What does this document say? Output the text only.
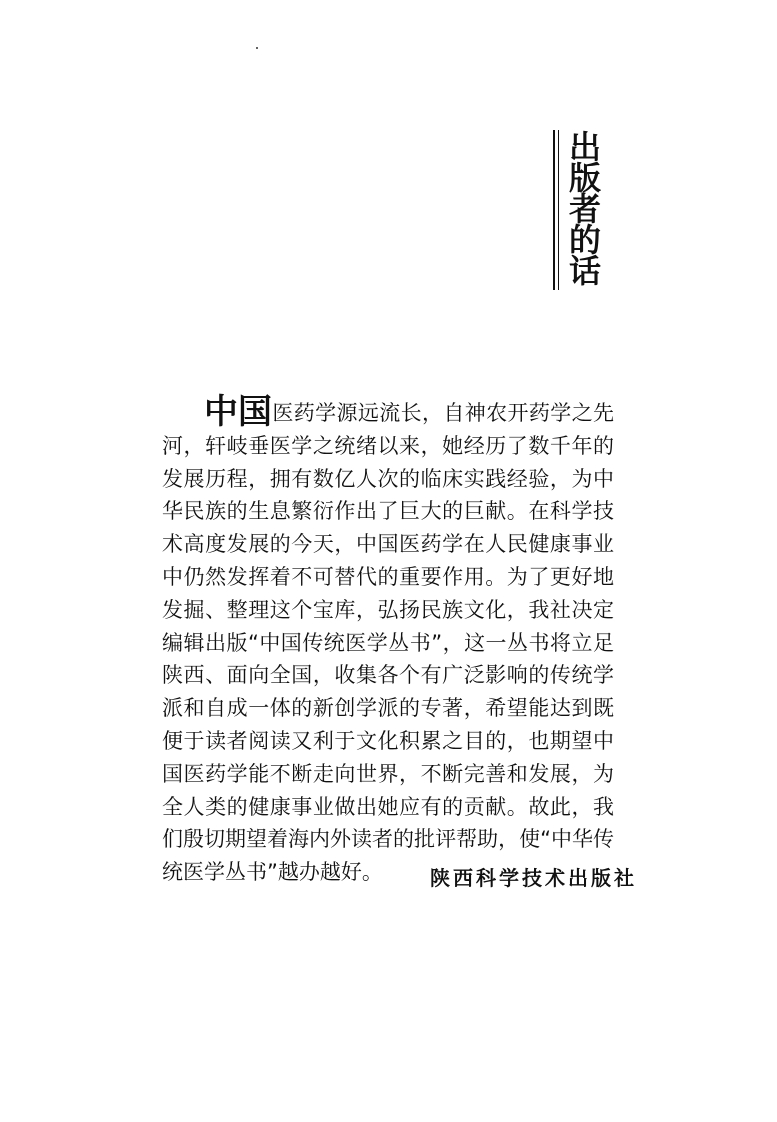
出版者的话

中国医药学源远流长，自神农开药学之先河，轩岐垂医学之统绪以来，她经历了数千年的发展历程，拥有数亿人次的临床实践经验，为中华民族的生息繁衍作出了巨大的巨献。在科学技术高度发展的今天，中国医药学在人民健康事业中仍然发挥着不可替代的重要作用。为了更好地发掘、整理这个宝库，弘扬民族文化，我社决定编辑出版“中国传统医学丛书”，这一丛书将立足陕西、面向全国，收集各个有广泛影响的传统学派和自成一体的新创学派的专著，希望能达到既便于读者阅读又利于文化积累之目的，也期望中国医药学能不断走向世界，不断完善和发展，为全人类的健康事业做出她应有的贡献。故此，我们殷切期望着海内外读者的批评帮助，使“中华传统医学丛书”越办越好。	陕西科学技术出版社
